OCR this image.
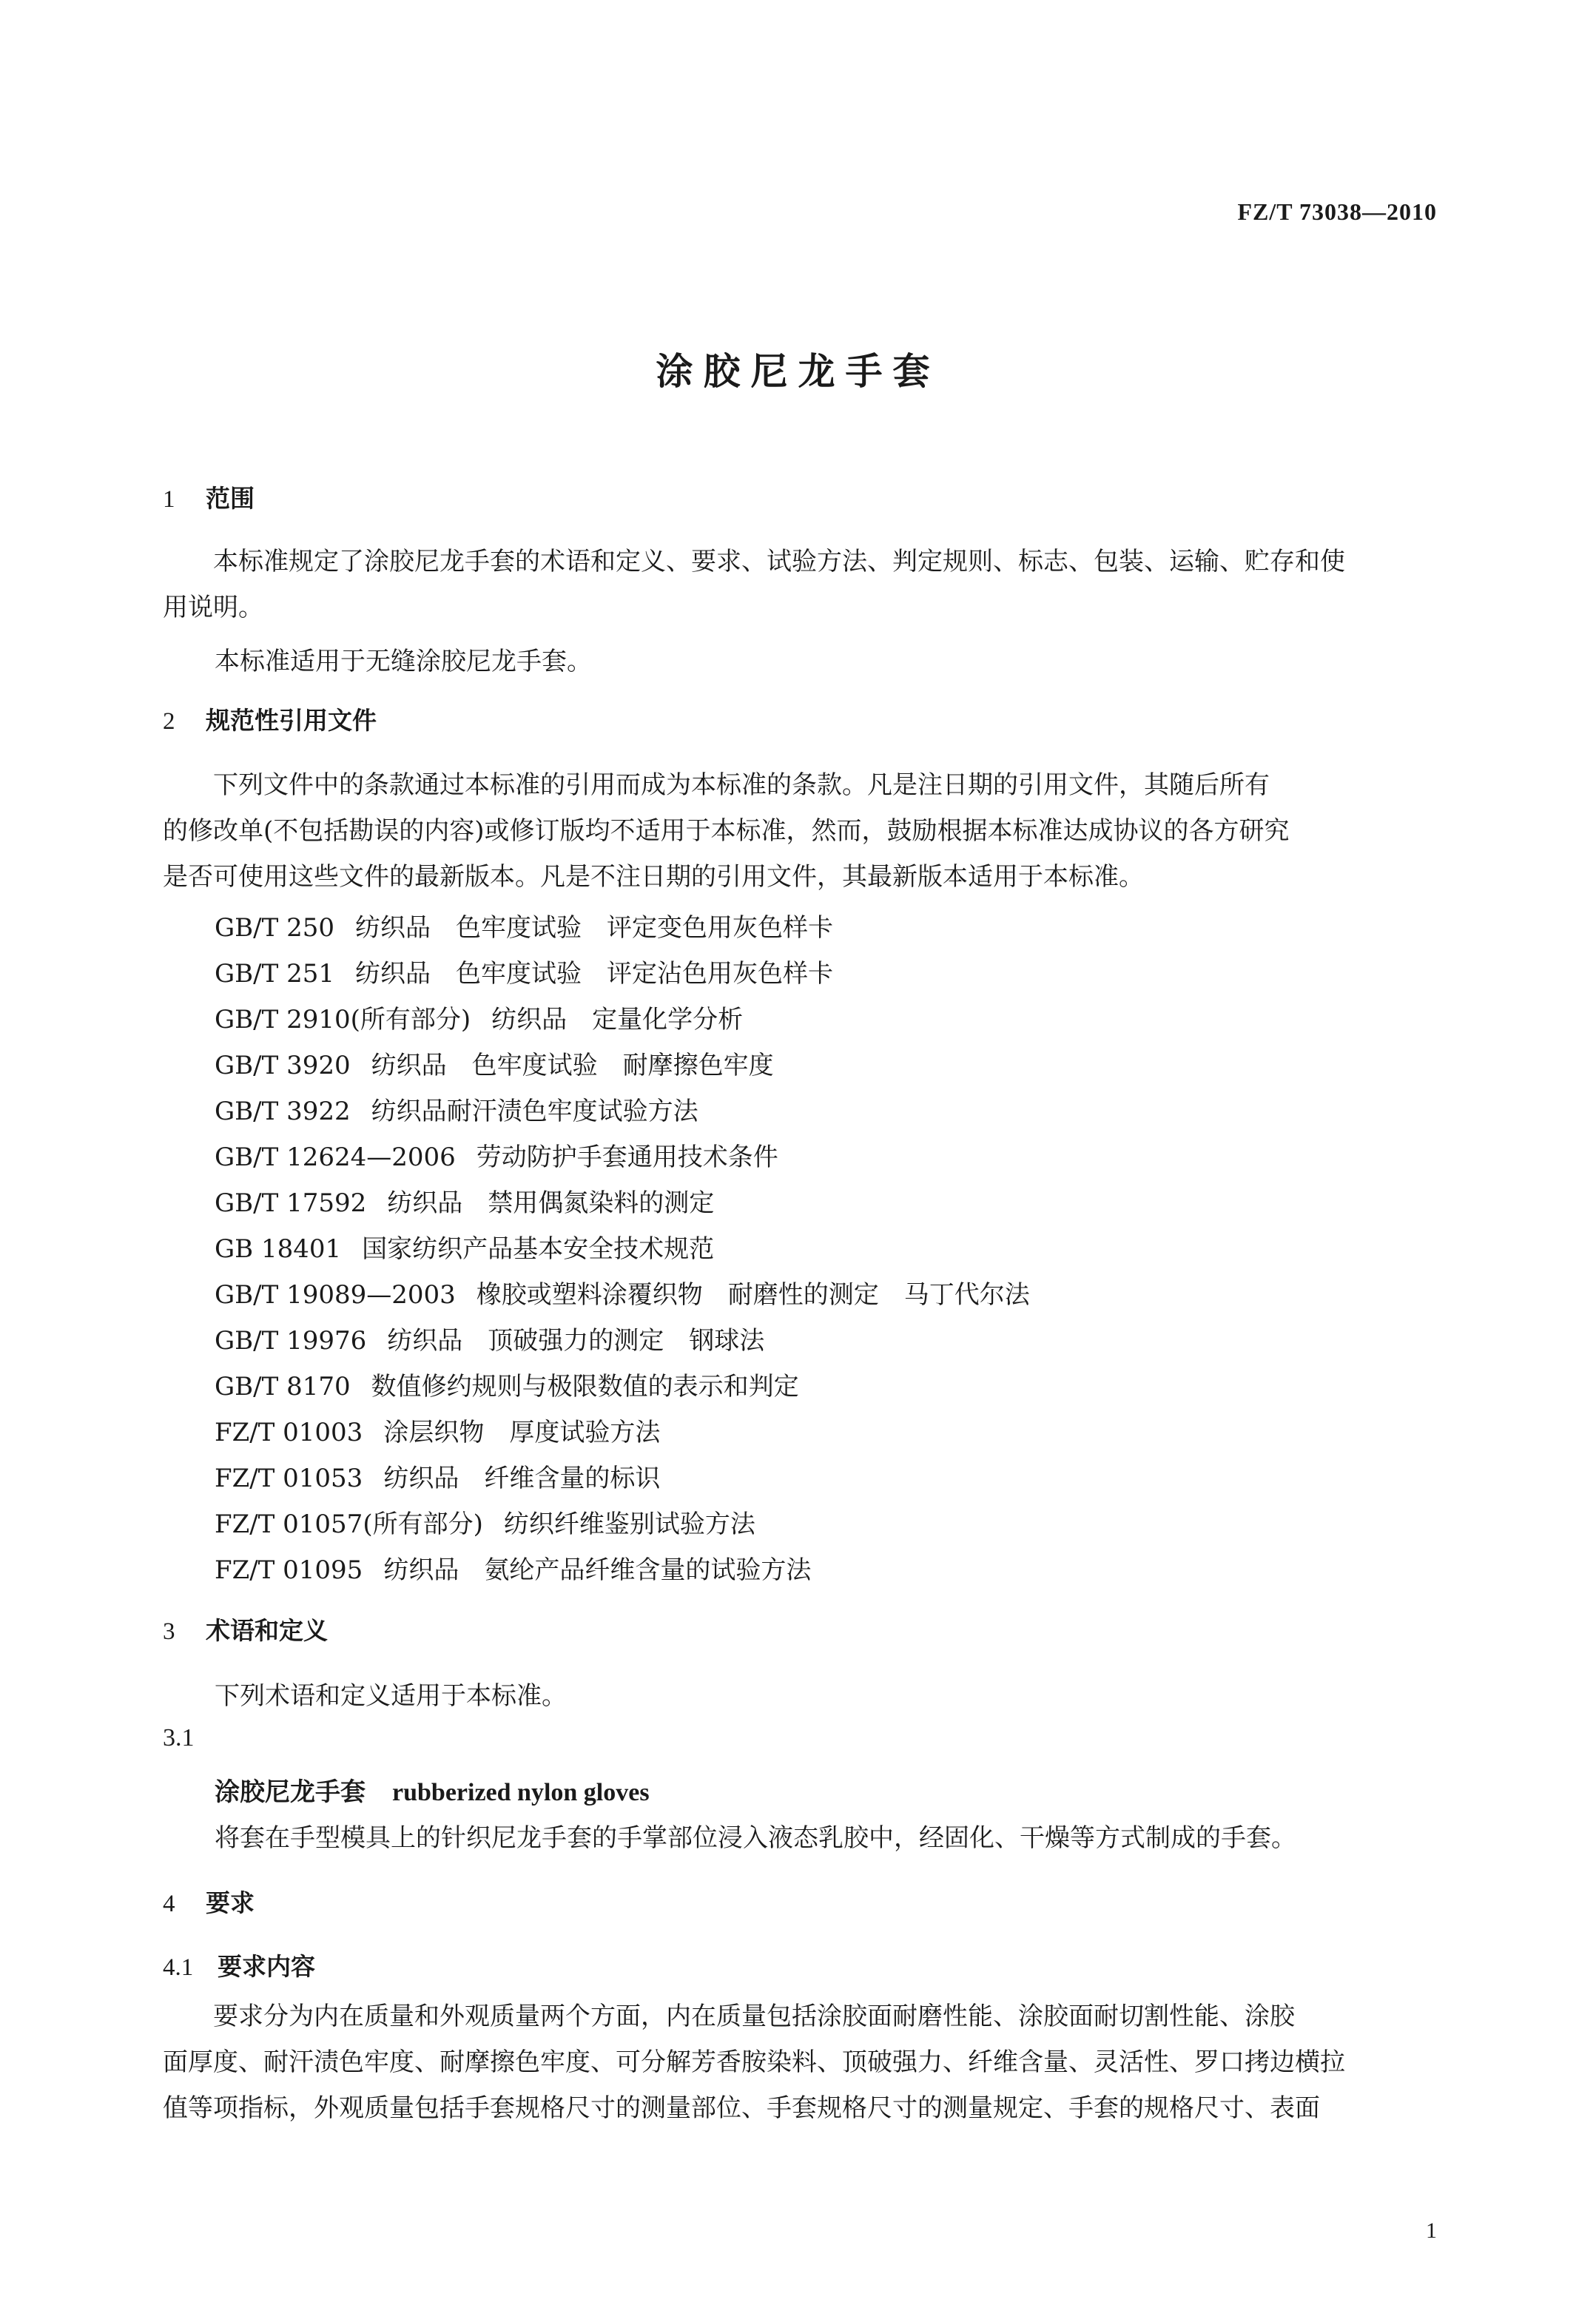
FZ/T 73038—2010
涂胶尼龙手套
1 范围
本标准规定了涂胶尼龙手套的术语和定义、要求、试验方法、判定规则、标志、包装、运输、贮存和使
用说明。
本标准适用于无缝涂胶尼龙手套。
2 规范性引用文件
下列文件中的条款通过本标准的引用而成为本标准的条款。凡是注日期的引用文件，其随后所有
的修改单(不包括勘误的内容)或修订版均不适用于本标准，然而，鼓励根据本标准达成协议的各方研究
是否可使用这些文件的最新版本。凡是不注日期的引用文件，其最新版本适用于本标准。
GB/T 250 纺织品　色牢度试验　评定变色用灰色样卡
GB/T 251 纺织品　色牢度试验　评定沾色用灰色样卡
GB/T 2910(所有部分) 纺织品　定量化学分析
GB/T 3920 纺织品　色牢度试验　耐摩擦色牢度
GB/T 3922 纺织品耐汗渍色牢度试验方法
GB/T 12624—2006 劳动防护手套通用技术条件
GB/T 17592 纺织品　禁用偶氮染料的测定
GB 18401 国家纺织产品基本安全技术规范
GB/T 19089—2003 橡胶或塑料涂覆织物　耐磨性的测定　马丁代尔法
GB/T 19976 纺织品　顶破强力的测定　钢球法
GB/T 8170 数值修约规则与极限数值的表示和判定
FZ/T 01003 涂层织物　厚度试验方法
FZ/T 01053 纺织品　纤维含量的标识
FZ/T 01057(所有部分) 纺织纤维鉴别试验方法
FZ/T 01095 纺织品　氨纶产品纤维含量的试验方法
3 术语和定义
下列术语和定义适用于本标准。
3.1
涂胶尼龙手套 rubberized nylon gloves
将套在手型模具上的针织尼龙手套的手掌部位浸入液态乳胶中，经固化、干燥等方式制成的手套。
4 要求
4.1 要求内容
要求分为内在质量和外观质量两个方面，内在质量包括涂胶面耐磨性能、涂胶面耐切割性能、涂胶
面厚度、耐汗渍色牢度、耐摩擦色牢度、可分解芳香胺染料、顶破强力、纤维含量、灵活性、罗口拷边横拉
值等项指标，外观质量包括手套规格尺寸的测量部位、手套规格尺寸的测量规定、手套的规格尺寸、表面
1
